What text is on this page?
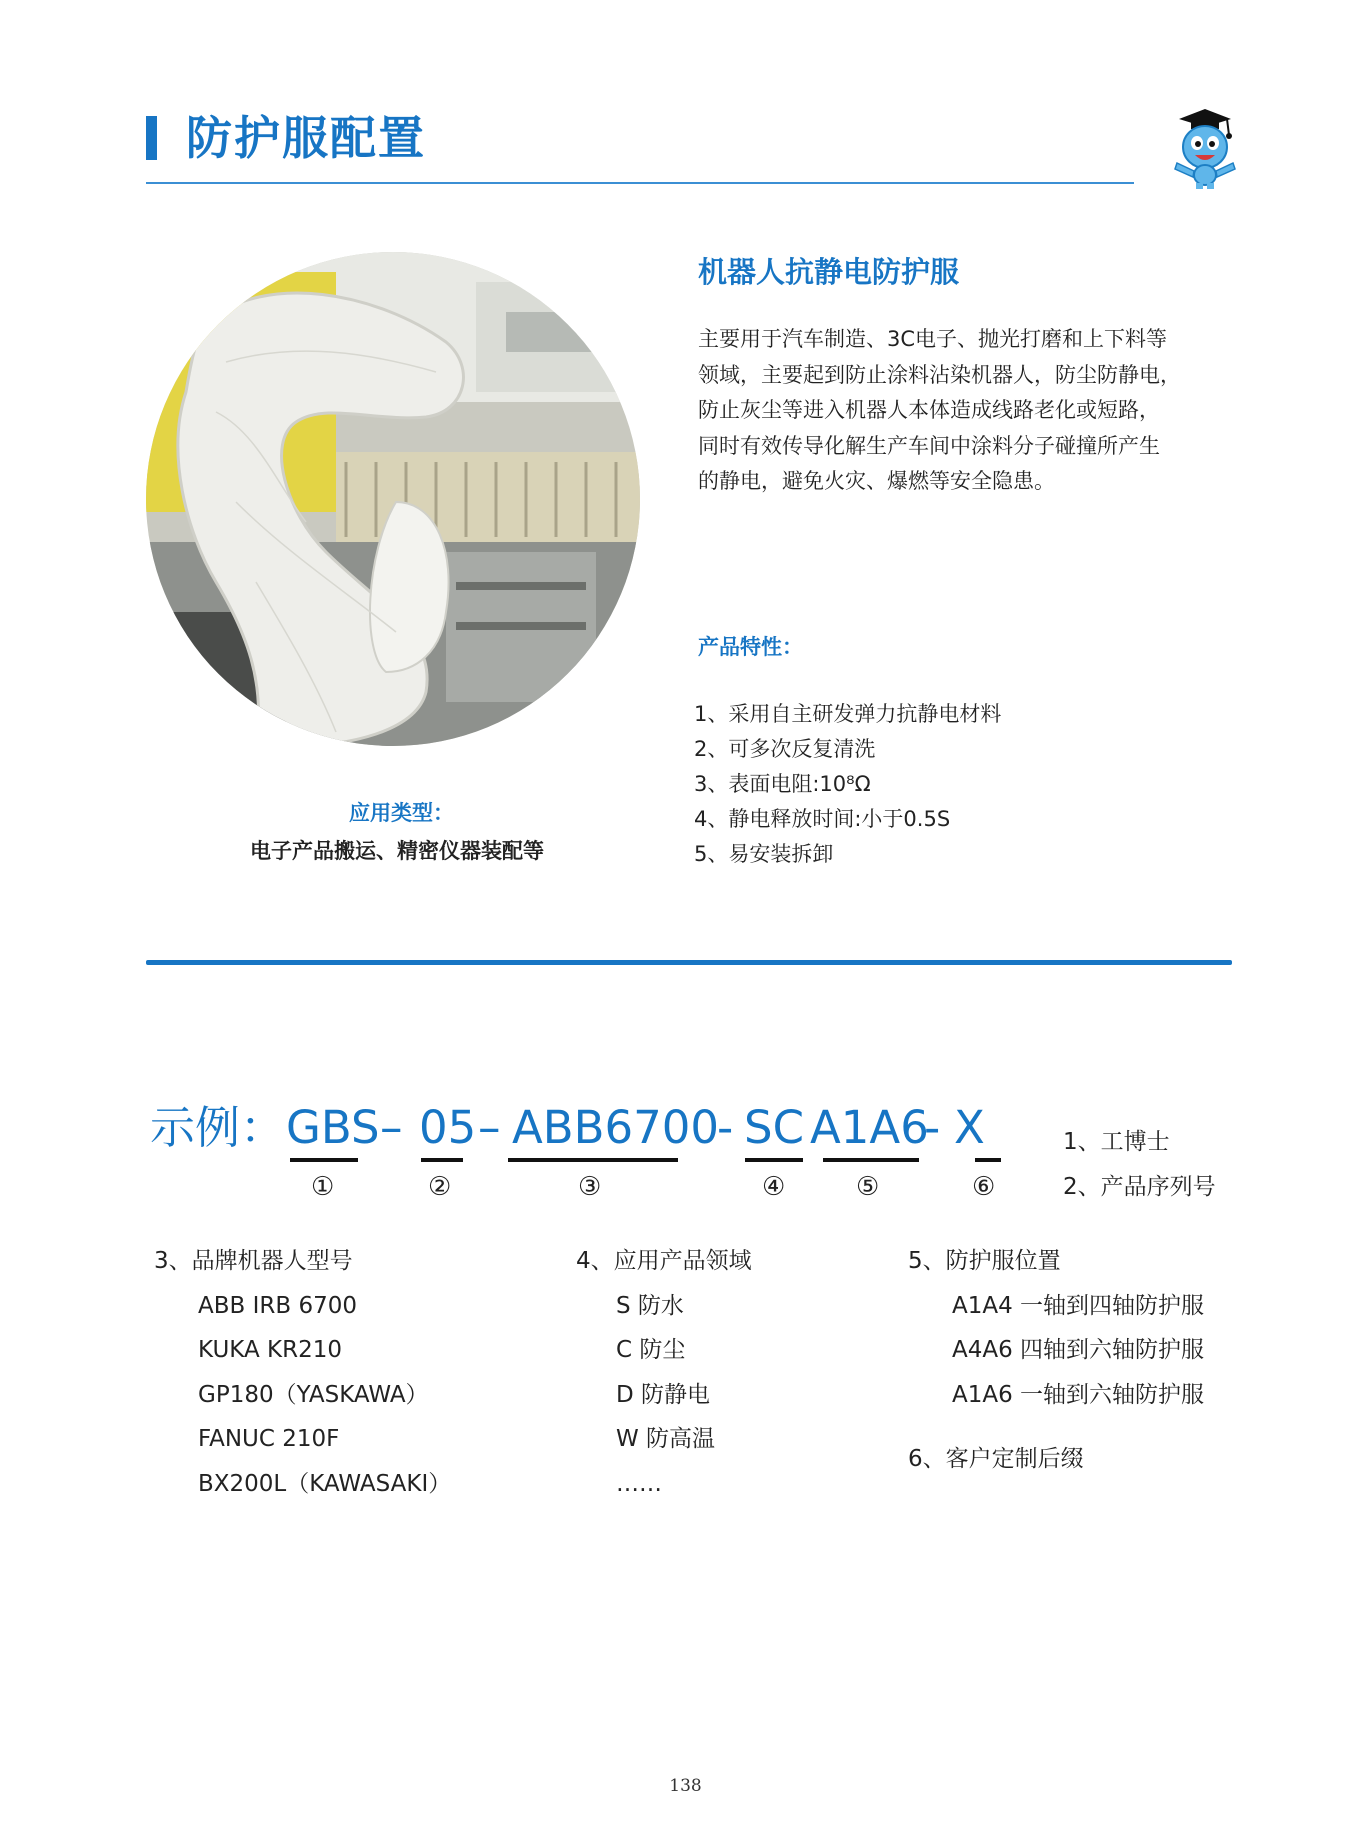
防护服配置
机器人抗静电防护服
主要用于汽车制造、3C电子、抛光打磨和上下料等
领域，主要起到防止涂料沾染机器人，防尘防静电，
防止灰尘等进入机器人本体造成线路老化或短路，
同时有效传导化解生产车间中涂料分子碰撞所产生
的静电，避免火灾、爆燃等安全隐患。
产品特性：
1、采用自主研发弹力抗静电材料
2、可多次反复清洗
3、表面电阻:10⁸Ω
4、静电释放时间:小于0.5S
5、易安装拆卸
应用类型：
电子产品搬运、精密仪器装配等
示例： GBS – 05 – ABB6700
- SC A1A6
- X
①	②	③	④	⑤	⑥
1、工博士
2、产品序列号
3、品牌机器人型号
ABB IRB 6700
KUKA KR210
GP180（YASKAWA）
FANUC 210F
BX200L（KAWASAKI）
4、应用产品领域
S 防水
C 防尘
D 防静电
W 防高温
……
5、防护服位置
A1A4 一轴到四轴防护服
A4A6 四轴到六轴防护服
A1A6 一轴到六轴防护服
6、客户定制后缀
138
